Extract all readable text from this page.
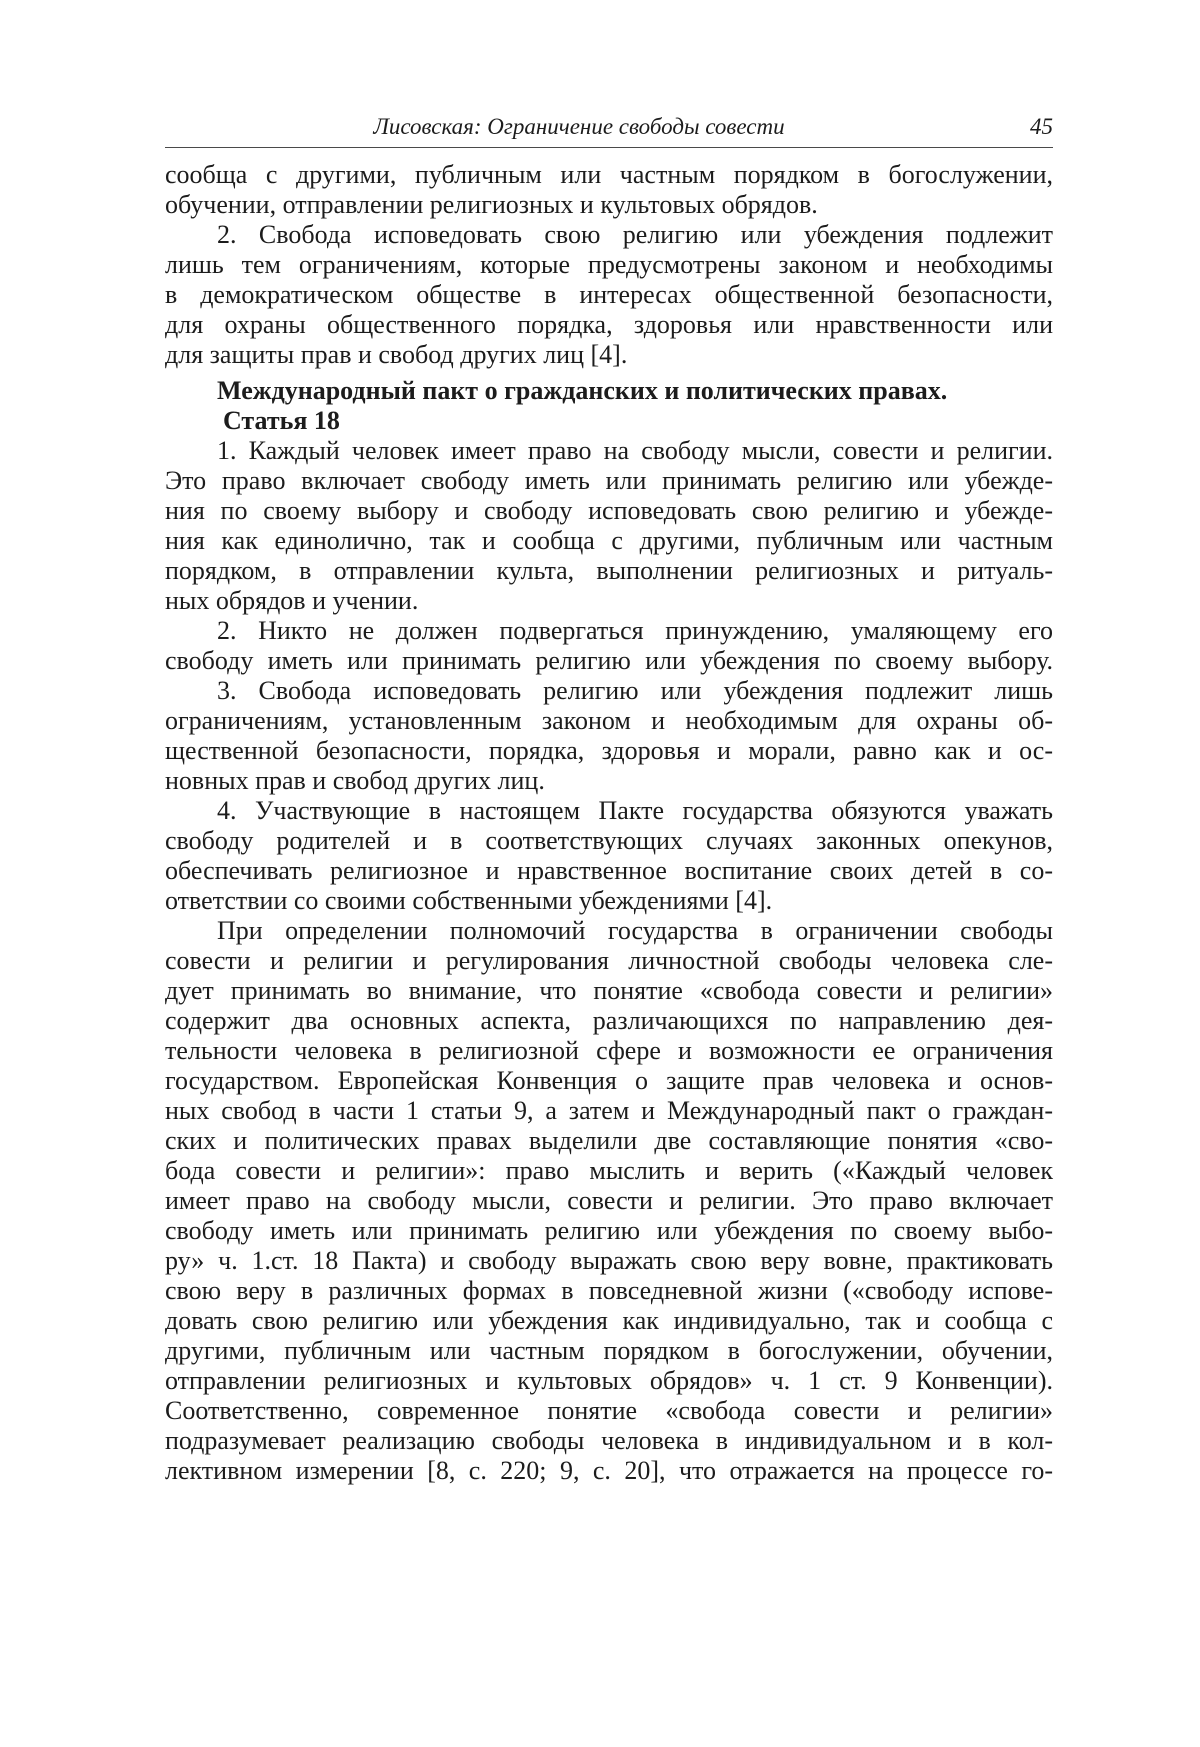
Лисовская: Ограничение свободы совести	45
сообща с другими, публичным или частным порядком в богослужении,
обучении, отправлении религиозных и культовых обрядов.
2. Свобода исповедовать свою религию или убеждения подлежит
лишь тем ограничениям, которые предусмотрены законом и необходимы
в демократическом обществе в интересах общественной безопасности,
для охраны общественного порядка, здоровья или нравственности или
для защиты прав и свобод других лиц [4].
Международный пакт о гражданских и политических правах.
Статья 18
1. Каждый человек имеет право на свободу мысли, совести и религии.
Это право включает свободу иметь или принимать религию или убежде-
ния по своему выбору и свободу исповедовать свою религию и убежде-
ния как единолично, так и сообща с другими, публичным или частным
порядком, в отправлении культа, выполнении религиозных и ритуаль-
ных обрядов и учении.
2. Никто не должен подвергаться принуждению, умаляющему его
свободу иметь или принимать религию или убеждения по своему выбору.
3. Свобода исповедовать религию или убеждения подлежит лишь
ограничениям, установленным законом и необходимым для охраны об-
щественной безопасности, порядка, здоровья и морали, равно как и ос-
новных прав и свобод других лиц.
4. Участвующие в настоящем Пакте государства обязуются уважать
свободу родителей и в соответствующих случаях законных опекунов,
обеспечивать религиозное и нравственное воспитание своих детей в со-
ответствии со своими собственными убеждениями [4].
При определении полномочий государства в ограничении свободы
совести и религии и регулирования личностной свободы человека сле-
дует принимать во внимание, что понятие «свобода совести и религии»
содержит два основных аспекта, различающихся по направлению дея-
тельности человека в религиозной сфере и возможности ее ограничения
государством. Европейская Конвенция о защите прав человека и основ-
ных свобод в части 1 статьи 9, а затем и Международный пакт о граждан-
ских и политических правах выделили две составляющие понятия «сво-
бода совести и религии»: право мыслить и верить («Каждый человек
имеет право на свободу мысли, совести и религии. Это право включает
свободу иметь или принимать религию или убеждения по своему выбо-
ру» ч. 1.ст. 18 Пакта) и свободу выражать свою веру вовне, практиковать
свою веру в различных формах в повседневной жизни («свободу испове-
довать свою религию или убеждения как индивидуально, так и сообща с
другими, публичным или частным порядком в богослужении, обучении,
отправлении религиозных и культовых обрядов» ч. 1 ст. 9 Конвенции).
Соответственно, современное понятие «свобода совести и религии»
подразумевает реализацию свободы человека в индивидуальном и в кол-
лективном измерении [8, с. 220; 9, с. 20], что отражается на процессе го-
